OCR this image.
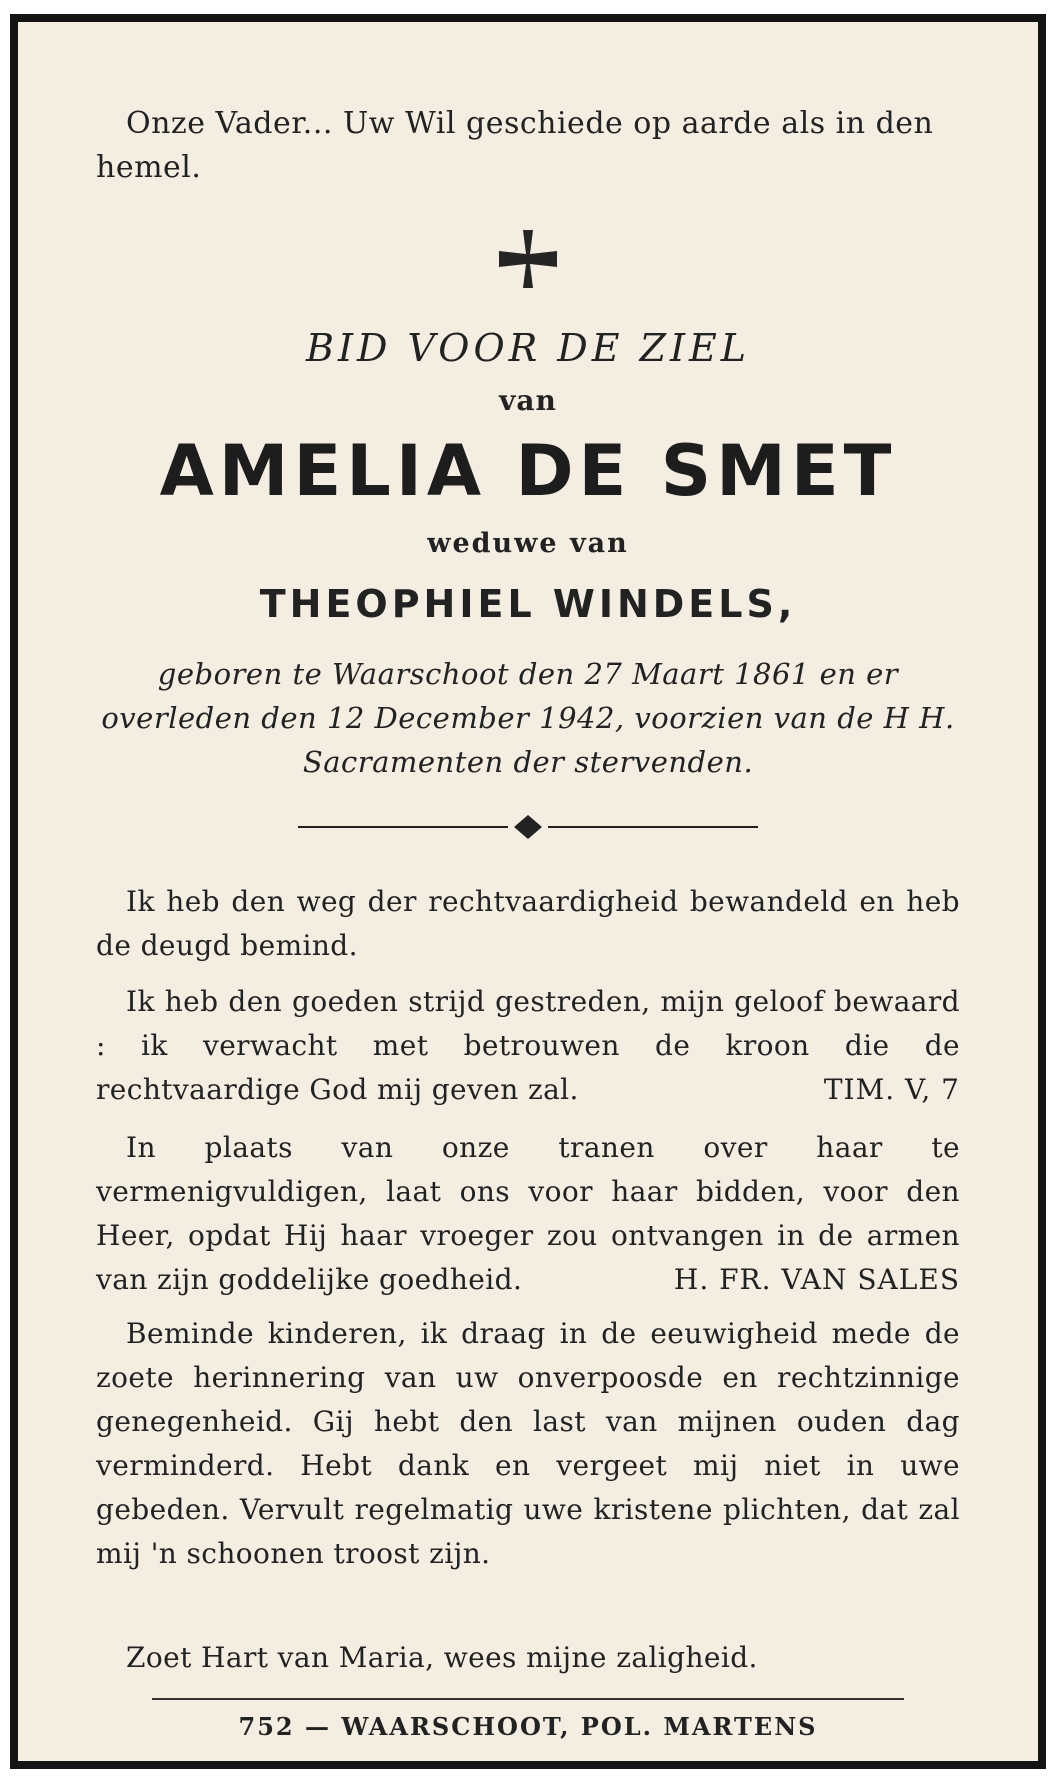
Onze Vader... Uw Wil geschiede op aarde als in den hemel.
BID VOOR DE ZIEL
van
AMELIA DE SMET
weduwe van
THEOPHIEL WINDELS,
geboren te Waarschoot den 27 Maart 1861 en er overleden den 12 December 1942, voorzien van de H H. Sacramenten der stervenden.
Ik heb den weg der rechtvaardigheid bewandeld en heb de deugd bemind.
Ik heb den goeden strijd gestreden, mijn geloof bewaard : ik verwacht met betrouwen de kroon die de rechtvaardige God mij geven zal.	TIM. V, 7
In plaats van onze tranen over haar te vermenigvuldigen, laat ons voor haar bidden, voor den Heer, opdat Hij haar vroeger zou ontvangen in de armen van zijn goddelijke goedheid.	H. FR. VAN SALES
Beminde kinderen, ik draag in de eeuwigheid mede de zoete herinnering van uw onverpoosde en rechtzinnige genegenheid. Gij hebt den last van mijnen ouden dag verminderd. Hebt dank en vergeet mij niet in uwe gebeden. Vervult regelmatig uwe kristene plichten, dat zal mij 'n schoonen troost zijn.
Zoet Hart van Maria, wees mijne zaligheid.
752 — WAARSCHOOT, POL. MARTENS
